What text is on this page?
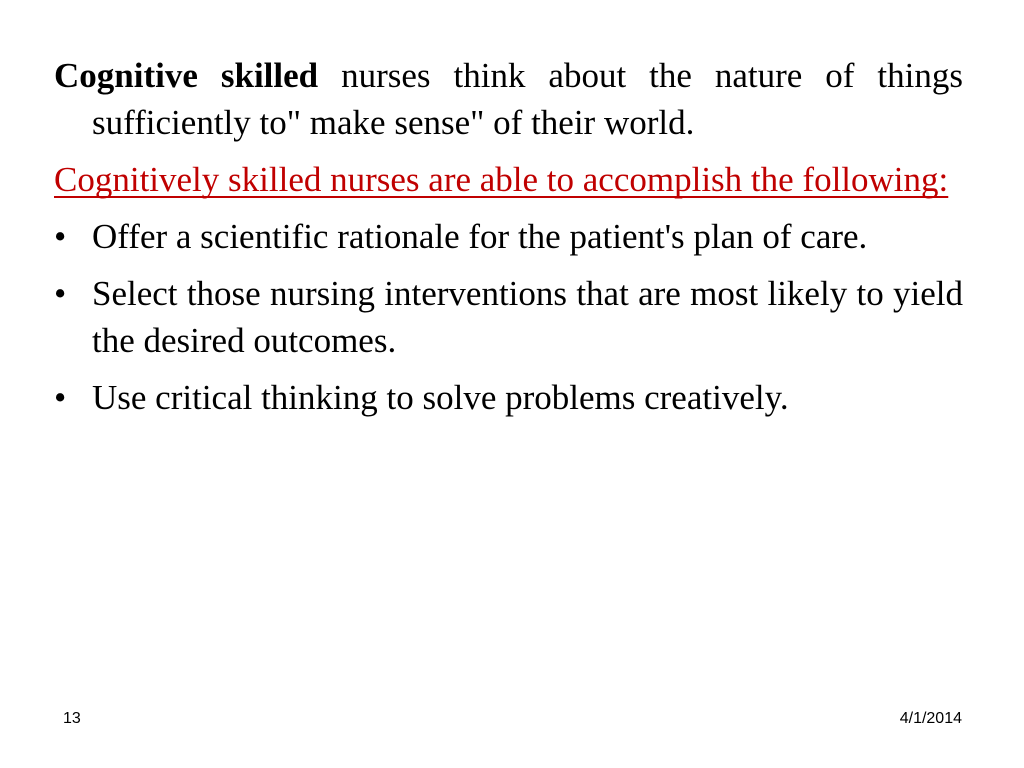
Cognitive skilled nurses think about the nature of things sufficiently to" make sense" of their world.

Cognitively skilled nurses are able to accomplish the following:

• Offer a scientific rationale for the patient's plan of care.
• Select those nursing interventions that are most likely to yield the desired outcomes.
• Use critical thinking to solve problems creatively.
13	4/1/2014
